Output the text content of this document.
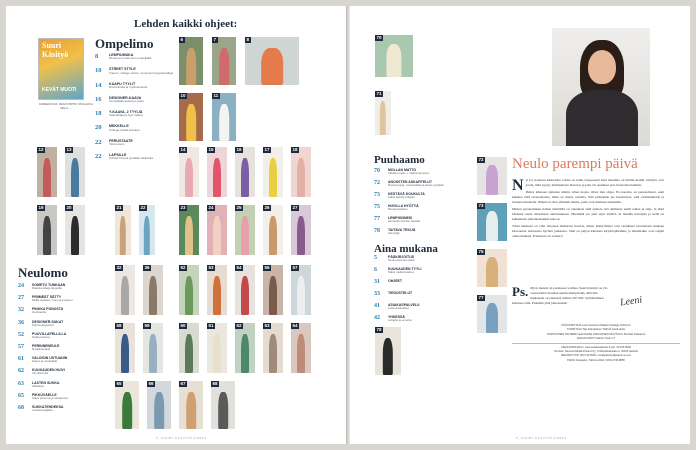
Lehden kaikki ohjeet:
Suuri Käsityö
KEVÄT MUOTI
KANNEN KUVA: PAAVO PIIPPO, STAILAUS & MALLI: ...
Ompelimo
8	LEMPIUMUKA
Rentio ja muotu-ison ompeljaille
10	STREET STYLE
Trjeecs, college-olinuu, housut ja hupparimalleja
14	KAAPU TYYLIT
Rinnanmitta ja mytinelmaistu
16	DESIGNER-KAAVA
Ompelijalle kaava ja palos
18	Y-KAAVA, 2 TYYLIÄ
Kaavoittaja ja tyyli mallea
20	MEKKELLE
College-tunika kotoaan
22	PERUSTAATE
Yksi pusero
22	LAPSILLE
Kohdet housut ja kaikki rakkautta
Neulomo
24	SOMETU TUNKAAN
Rakeita jättaja langoilla
27	PRIIMEÄT SÄTTY
Mellä naulaton, huivi ja puseeru
32	PINKKA PUNOSTA
Huuhoa/tia
36	DESIGNER-SUKAT
Kirjoneulepuserit
52	PUUVILLAPELLILLA
Neljä puseroa
57	PERINNENEULE
Ruukkineuleet
61	VALOISIN USTUANIN
Kaavu ja neuletakki
62	KUUKAUDEN HUIVI
Vinotila huivi
63	LASTEN SUKKA
Sitkeäset
65	PIKKUVÄELLE
Kaksi puseroa ja neulekuvio
68	SUKKATEHDEKSA
Joustava jäljelta
6	7	8
10	11
12	13	14	15	16	17	18
19	20	21	22	23	24	25	26	27
32	36	52	53	54	56	57
58	59	60	61	62	63	64
65	66	67	68
4 SUURI KÄSITYÖ 2/2024
70
71
72
73
75
77
78
Puuhaamo
70	MOLLAN MATTO
Virkattu matto + makramesytyny
72	ANOSSTEN ASKARTELUT
Ruusmerjoja, minnavakka ja lautun pupikkö
73	KESTÄVÄ KOUKULTA
Kaksi kassia virkaten
75	HUVILLA HYÖTYÄ
Munapussiteko
77	LEMPIONNESI
Akvarellin lomber tapeille
78	TAITAVA TEKIJÄ
Karottyjä
Aina mukana
5	PÄÄKIRJOITUS
Neulo parempi päivä
6	KUUKAUDEN TYYLI
Kaksi ruukkimekkoa
31	OHJEET
33	TIEDUSTELUT
41	ASIAKASPALVELU
Lukemistaulukot
42	YHDESSÄ
Lehjelle ja ennetta
Neulo parempi päivä

Nyt jos koskaan käsitöiden voima on tullut tarpeeseen! Kun maailma on mullin mallin, käsityöt ovat jotain, mitä pystyy hallitsemaan ihan itse ja joka vie ajatukset pois huonoista hetkistä.

Puikot käsiteen ajattelen silmiä, silten tuojaa, silten ilan ohjaa. En koroma, en perusteltanut, sekä kaikkea niitä tavanomaisia, mikä on menty sanoilla. Silti pidenpään jaa huomioista, siitä valmistumalla ja iloisena muotiella. Näistä on ollut ylimmät meille, jotka ovat menneet tekemään.

Mielen parantamisen lisäksi käsitöillä on rakenneta siitä ajattele että ammenta siellä taikaa ja amp. Ja tästä lehdestä saatte tarttumaan uteliaisuuteen. Mietitkää jos yksi sarja tehtävä on meidän kävelylle ja kellä on kulkemaan samanlaisuuden tekoon.

Tässä lehdessä on ollut erityisen mahtavaa lisottaa, miten käsityöläiset ovat rientäneet kuvaamaan mukana kasvatetun tarinaansa hyvänä joukkona. Siitä on paljon kiitoksia kirjoittajillemme ja muuallakin ovat tekijät olleet mukana. Porukassa on voimaa!

Ps. Myös meissä on porukassa voimaa. Suuri Käsityö on yli-vuotisaamsi Suomen suurin käsityölehti, sillä hän mukanaan on yhteensä reilusti 207 000. Sydämellinen kiitokset siitä. Pidetään yhtä jatkossakin!	Leeni
PÄÄTOIMITTAJA Leeni Hoimela (Pääsisi Ohjaaja) HUOLLO
TOIMITTAJA Tiija Kalmikainen TEKIJÄ Heidi Hutta
TOIMITUKSEN SIHTEERI Heidi Ruttilla VARAUKSEN MUOTOILU Pia Mari Pekkanen
KANAN KIKKIT Fashion Team LT
ASIAKASPALVELU: www.asiakaspalvelu.fi puh. 09 156 6000
Toimitus: Sanoma Media Finland Oy, Töölönlahdenkatu 2, 00100 Helsinki
MEDIAMYYNTI (09) 120 5000, mediapalvelut@sanoma.com
PAINO Arkopaino, Tallinna 2024. ISSN 2736-8858
5 SUURI KÄSITYÖ 2/2024
